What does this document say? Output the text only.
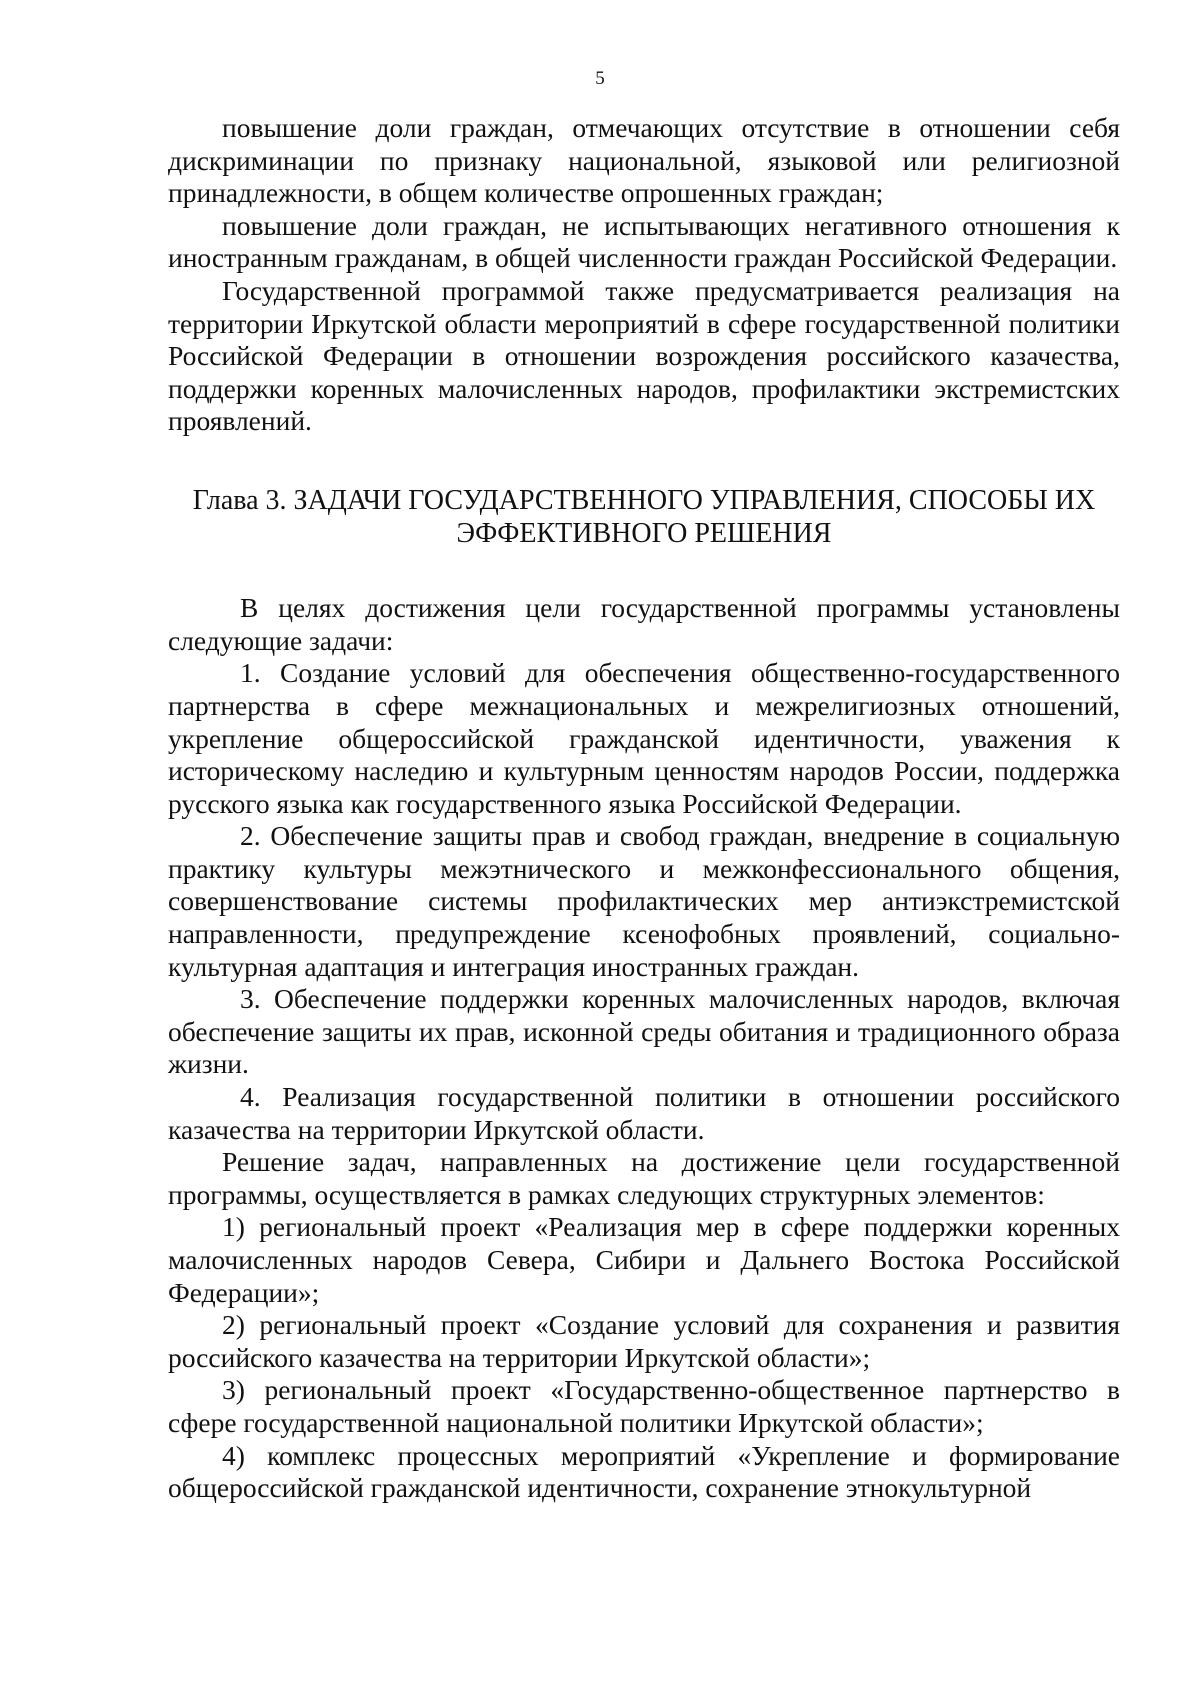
5

повышение доли граждан, отмечающих отсутствие в отношении себя дискриминации по признаку национальной, языковой или религиозной принадлежности, в общем количестве опрошенных граждан;

повышение доли граждан, не испытывающих негативного отношения к иностранным гражданам, в общей численности граждан Российской Федерации.

Государственной программой также предусматривается реализация на территории Иркутской области мероприятий в сфере государственной политики Российской Федерации в отношении возрождения российского казачества, поддержки коренных малочисленных народов, профилактики экстремистских проявлений.

Глава 3. ЗАДАЧИ ГОСУДАРСТВЕННОГО УПРАВЛЕНИЯ, СПОСОБЫ ИХ

ЭФФЕКТИВНОГО РЕШЕНИЯ

В целях достижения цели государственной программы установлены следующие задачи:

1. Создание условий для обеспечения общественно-государственного партнерства в сфере межнациональных и межрелигиозных отношений, укрепление общероссийской гражданской идентичности, уважения к историческому наследию и культурным ценностям народов России, поддержка русского языка как государственного языка Российской Федерации.

2. Обеспечение защиты прав и свобод граждан, внедрение в социальную практику культуры межэтнического и межконфессионального общения, совершенствование системы профилактических мер антиэкстремистской направленности, предупреждение ксенофобных проявлений, социально-культурная адаптация и интеграция иностранных граждан.

3. Обеспечение поддержки коренных малочисленных народов, включая обеспечение защиты их прав, исконной среды обитания и традиционного образа жизни.

4. Реализация государственной политики в отношении российского казачества на территории Иркутской области.

Решение задач, направленных на достижение цели государственной программы, осуществляется в рамках следующих структурных элементов:

1) региональный проект «Реализация мер в сфере поддержки коренных малочисленных народов Севера, Сибири и Дальнего Востока Российской Федерации»;

2) региональный проект «Создание условий для сохранения и развития российского казачества на территории Иркутской области»;

3) региональный проект «Государственно-общественное партнерство в сфере государственной национальной политики Иркутской области»;

4) комплекс процессных мероприятий «Укрепление и формирование общероссийской гражданской идентичности, сохранение этнокультурной
